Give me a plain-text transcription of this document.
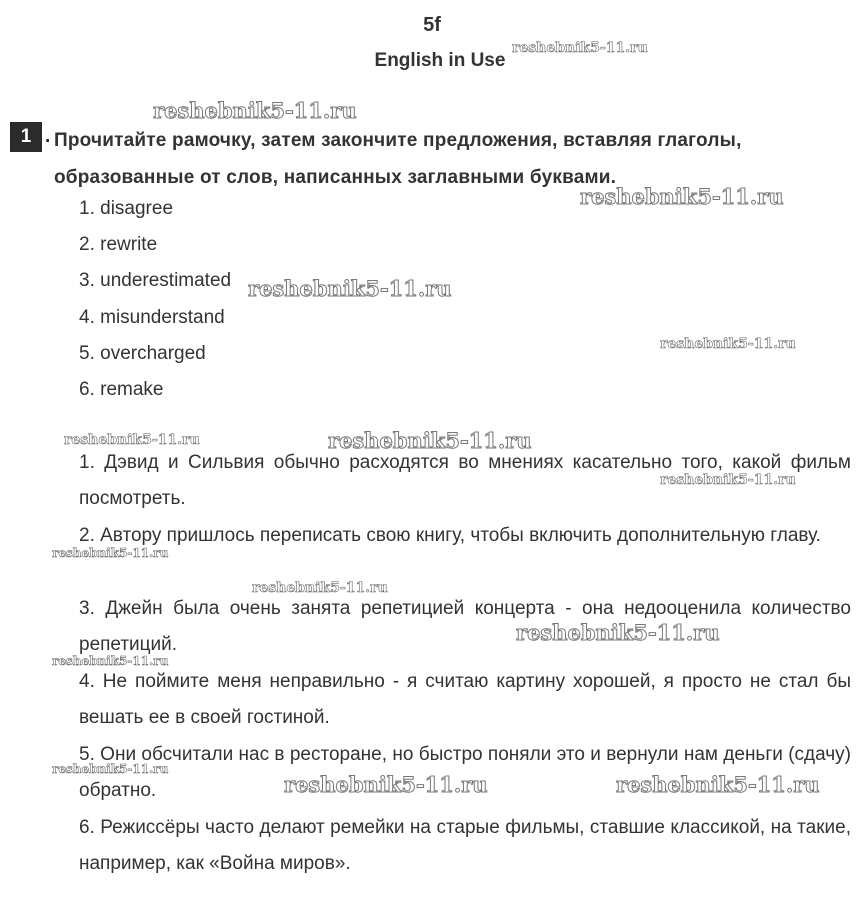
5f
English in Use
1 . Прочитайте рамочку, затем закончите предложения, вставляя глаголы,
образованные от слов, написанных заглавными буквами.
1. disagree
2. rewrite
3. underestimated
4. misunderstand
5. overcharged
6. remake
1. Дэвид и Сильвия обычно расходятся во мнениях касательно того, какой фильм посмотреть.
2. Автору пришлось переписать свою книгу, чтобы включить дополнительную главу.
3. Джейн была очень занята репетицией концерта - она недооценила количество репетиций.
4. Не поймите меня неправильно - я считаю картину хорошей, я просто не стал бы вешать ее в своей гостиной.
5. Они обсчитали нас в ресторане, но быстро поняли это и вернули нам деньги (сдачу) обратно.
6. Режиссёры часто делают ремейки на старые фильмы, ставшие классикой, на такие, например, как «Война миров».
reshebnik5-11.ru
reshebnik5-11.ru
reshebnik5-11.ru
reshebnik5-11.ru
reshebnik5-11.ru
reshebnik5-11.ru	reshebnik5-11.ru
reshebnik5-11.ru
reshebnik5-11.ru
reshebnik5-11.ru
reshebnik5-11.ru
reshebnik5-11.ru
reshebnik5-11.ru
reshebnik5-11.ru	reshebnik5-11.ru
